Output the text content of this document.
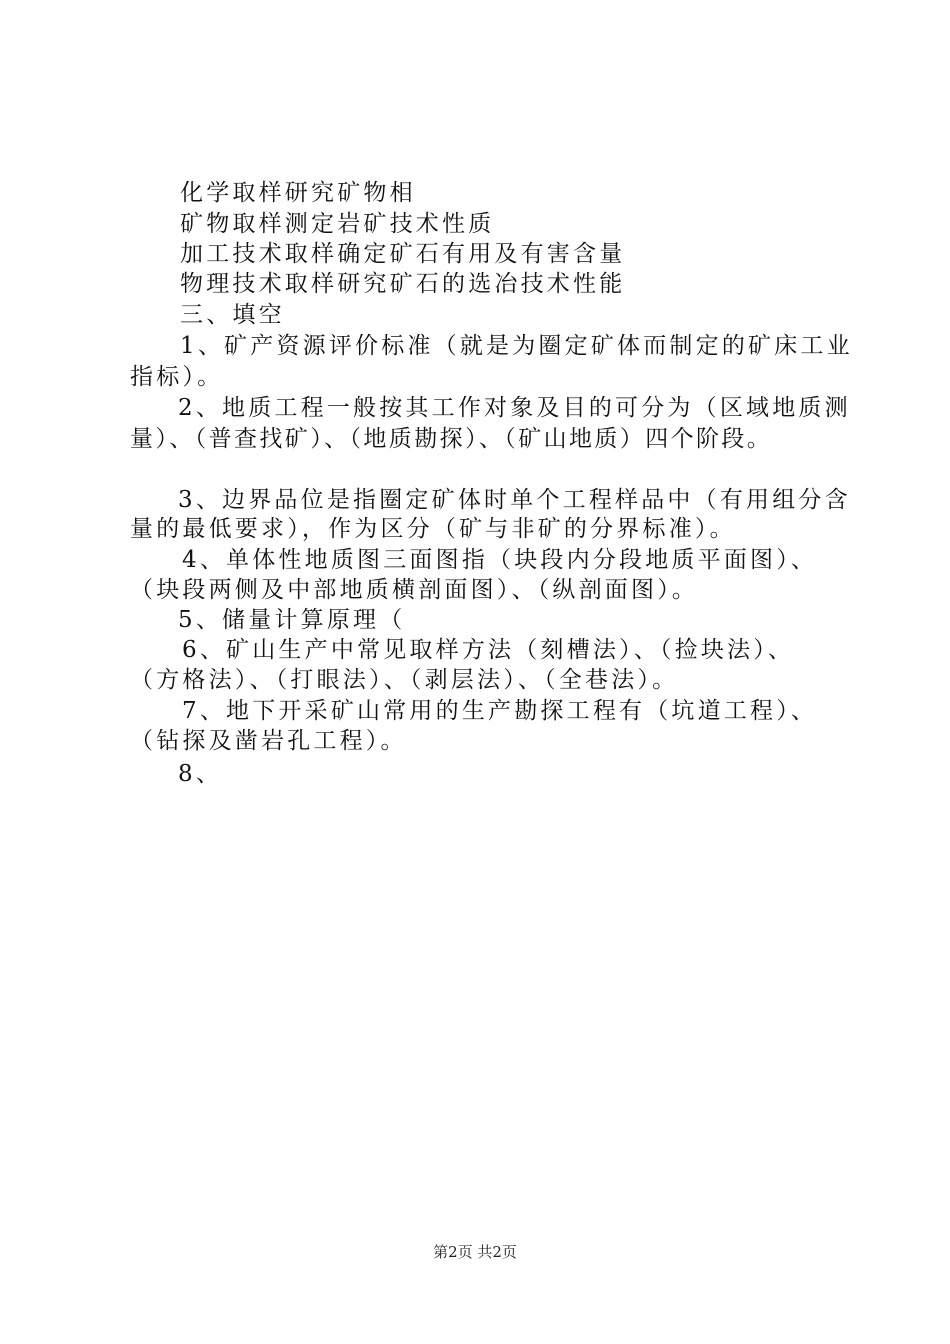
化学取样研究矿物相
矿物取样测定岩矿技术性质
加工技术取样确定矿石有用及有害含量
物理技术取样研究矿石的选冶技术性能
三、填空
1、矿产资源评价标准（就是为圈定矿体而制定的矿床工业
指标）。
2、地质工程一般按其工作对象及目的可分为（区域地质测
量）、（普查找矿）、（地质勘探）、（矿山地质）四个阶段。
3、边界品位是指圈定矿体时单个工程样品中（有用组分含
量的最低要求），作为区分（矿与非矿的分界标准）。
4、单体性地质图三面图指（块段内分段地质平面图）、
（块段两侧及中部地质横剖面图）、（纵剖面图）。
5、储量计算原理（
6、矿山生产中常见取样方法（刻槽法）、（捡块法）、
（方格法）、（打眼法）、（剥层法）、（全巷法）。
7、地下开采矿山常用的生产勘探工程有（坑道工程）、
（钻探及凿岩孔工程）。
8、
第2页 共2页
